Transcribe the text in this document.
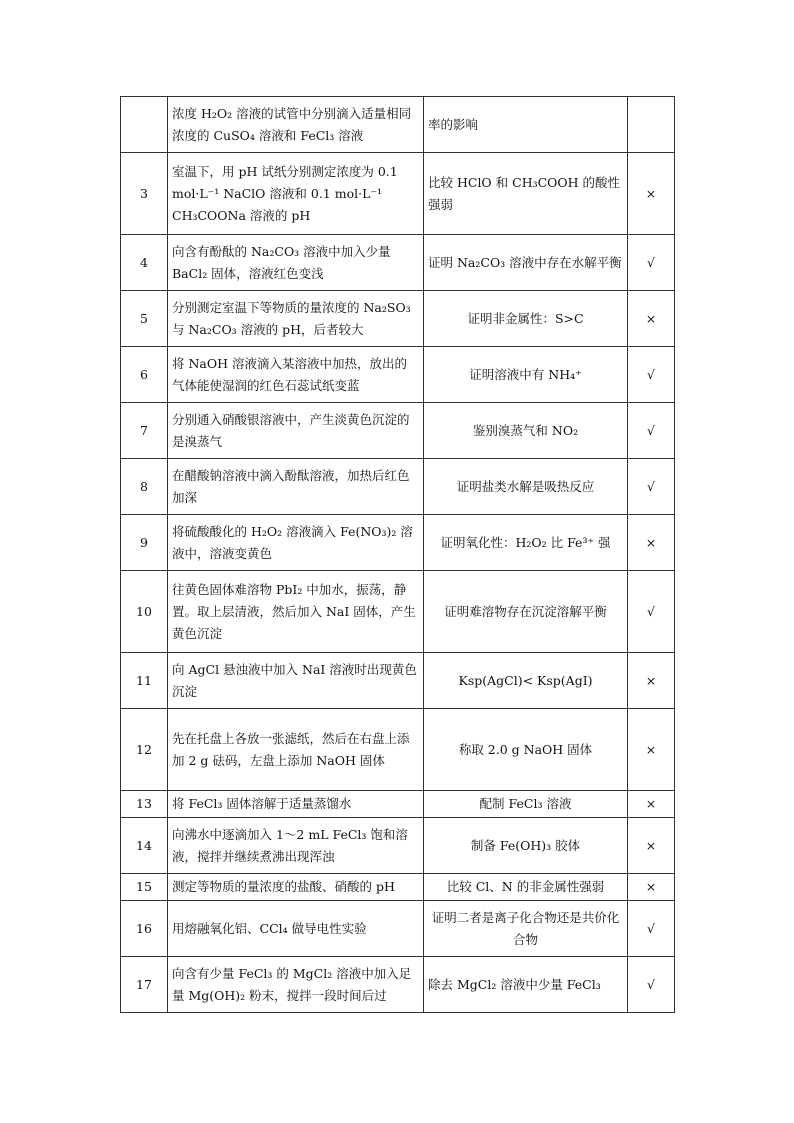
	浓度 H₂O₂ 溶液的试管中分别滴入适量相同浓度的 CuSO₄ 溶液和 FeCl₃ 溶液	率的影响	
3	室温下，用 pH 试纸分别测定浓度为 0.1 mol·L⁻¹ NaClO 溶液和 0.1 mol·L⁻¹ CH₃COONa 溶液的 pH	比较 HClO 和 CH₃COOH 的酸性强弱	×
4	向含有酚酞的 Na₂CO₃ 溶液中加入少量 BaCl₂ 固体，溶液红色变浅	证明 Na₂CO₃ 溶液中存在水解平衡	√
5	分别测定室温下等物质的量浓度的 Na₂SO₃ 与 Na₂CO₃ 溶液的 pH，后者较大	证明非金属性：S>C	×
6	将 NaOH 溶液滴入某溶液中加热，放出的气体能使湿润的红色石蕊试纸变蓝	证明溶液中有 NH₄⁺	√
7	分别通入硝酸银溶液中，产生淡黄色沉淀的是溴蒸气	鉴别溴蒸气和 NO₂	√
8	在醋酸钠溶液中滴入酚酞溶液，加热后红色加深	证明盐类水解是吸热反应	√
9	将硫酸酸化的 H₂O₂ 溶液滴入 Fe(NO₃)₂ 溶液中，溶液变黄色	证明氧化性：H₂O₂ 比 Fe³⁺ 强	×
10	往黄色固体难溶物 PbI₂ 中加水，振荡，静置。取上层清液，然后加入 NaI 固体，产生黄色沉淀	证明难溶物存在沉淀溶解平衡	√
11	向 AgCl 悬浊液中加入 NaI 溶液时出现黄色沉淀	Ksp(AgCl)< Ksp(AgI)	×
12	先在托盘上各放一张滤纸，然后在右盘上添加 2 g 砝码，左盘上添加 NaOH 固体	称取 2.0 g NaOH 固体	×
13	将 FeCl₃ 固体溶解于适量蒸馏水	配制 FeCl₃ 溶液	×
14	向沸水中逐滴加入 1～2 mL FeCl₃ 饱和溶液，搅拌并继续煮沸出现浑浊	制备 Fe(OH)₃ 胶体	×
15	测定等物质的量浓度的盐酸、硝酸的 pH	比较 Cl、N 的非金属性强弱	×
16	用熔融氧化铝、CCl₄ 做导电性实验	证明二者是离子化合物还是共价化合物	√
17	向含有少量 FeCl₃ 的 MgCl₂ 溶液中加入足量 Mg(OH)₂ 粉末，搅拌一段时间后过	除去 MgCl₂ 溶液中少量 FeCl₃	√
